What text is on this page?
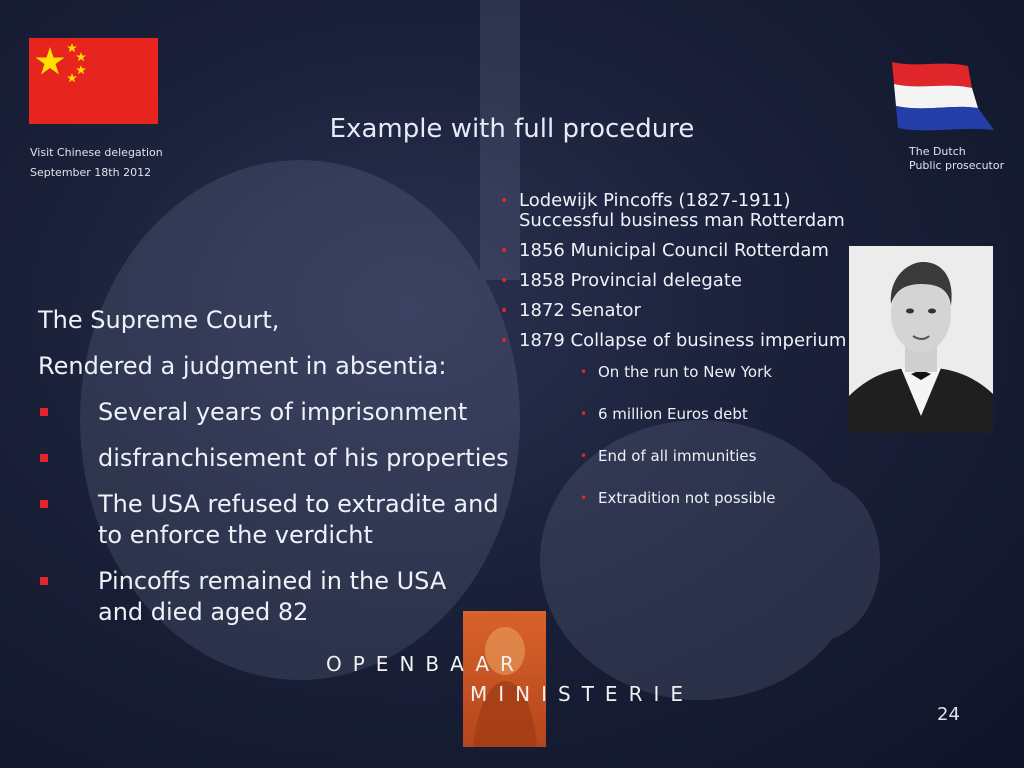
Visit Chinese delegation
September 18th 2012
The Dutch
Public prosecutor
Example with full procedure
The Supreme Court,
Rendered a judgment in absentia:
Several years of imprisonment
disfranchisement of his properties
The USA refused to extradite and
to enforce the verdicht
Pincoffs remained in the USA
and died aged 82
• Lodewijk Pincoffs (1827-1911)
Successful business man Rotterdam
• 1856 Municipal Council Rotterdam
• 1858 Provincial delegate
• 1872 Senator
• 1879 Collapse of business imperium
• On the run to New York
• 6 million Euros debt
• End of all immunities
• Extradition not possible
OPENBAAR
MINISTERIE
24
